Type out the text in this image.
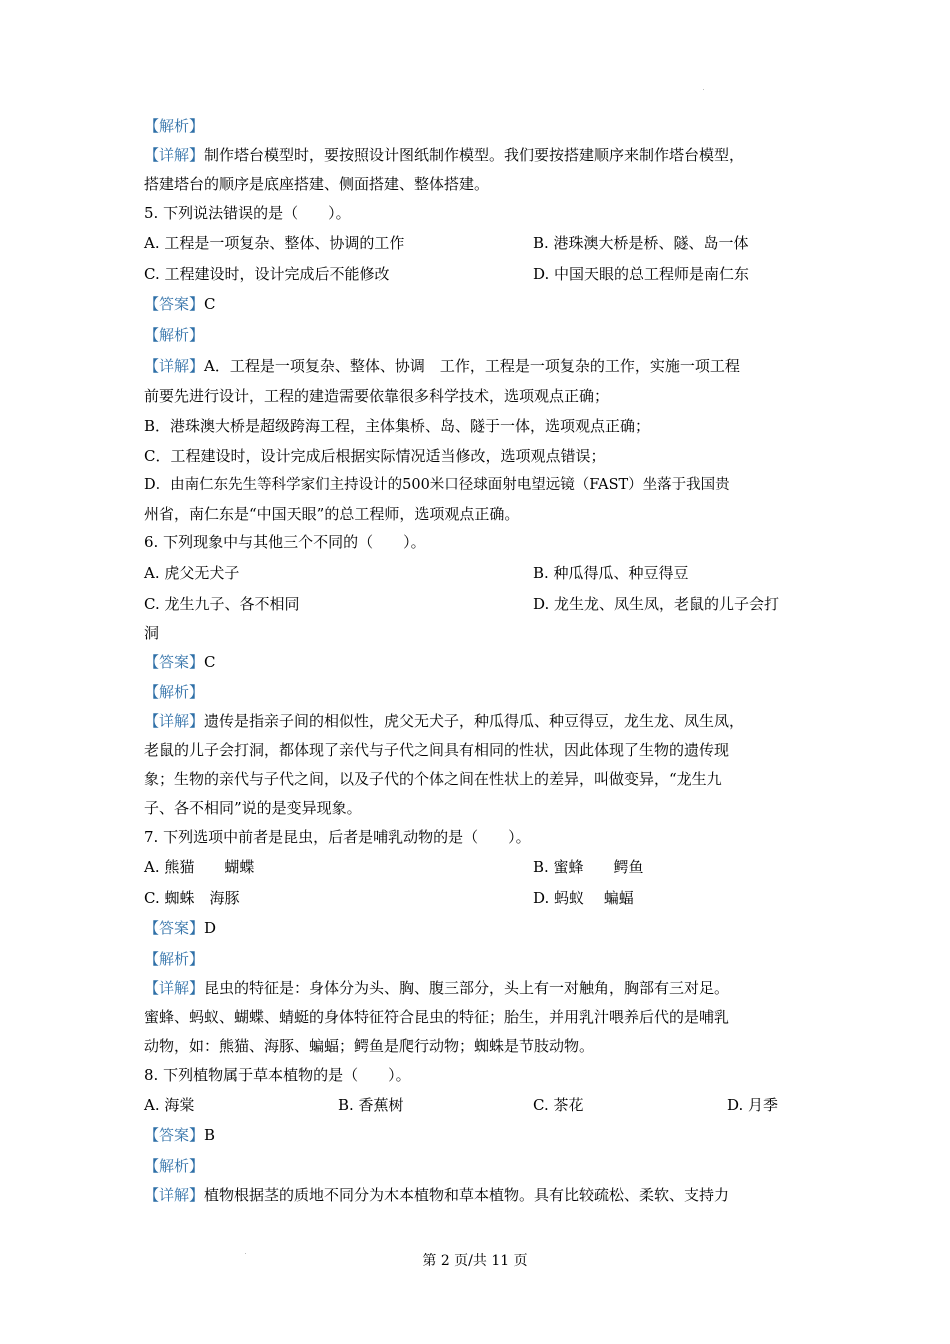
【解析】
【详解】制作塔台模型时，要按照设计图纸制作模型。我们要按搭建顺序来制作塔台模型，
搭建塔台的顺序是底座搭建、侧面搭建、整体搭建。
5. 下列说法错误的是（　　）。
A. 工程是一项复杂、整体、协调的工作	B. 港珠澳大桥是桥、隧、岛一体
C. 工程建设时，设计完成后不能修改	D. 中国天眼的总工程师是南仁东
【答案】C
【解析】
【详解】A．工程是一项复杂、整体、协调　工作，工程是一项复杂的工作，实施一项工程
前要先进行设计，工程的建造需要依靠很多科学技术，选项观点正确；
B．港珠澳大桥是超级跨海工程，主体集桥、岛、隧于一体，选项观点正确；
C．工程建设时，设计完成后根据实际情况适当修改，选项观点错误；
D．由南仁东先生等科学家们主持设计的500米口径球面射电望远镜（FAST）坐落于我国贵
州省，南仁东是“中国天眼”的总工程师，选项观点正确。
6. 下列现象中与其他三个不同的（　　）。
A. 虎父无犬子	B. 种瓜得瓜、种豆得豆
C. 龙生九子、各不相同	D. 龙生龙、凤生凤，老鼠的儿子会打
洞
【答案】C
【解析】
【详解】遗传是指亲子间的相似性，虎父无犬子，种瓜得瓜、种豆得豆，龙生龙、凤生凤，
老鼠的儿子会打洞，都体现了亲代与子代之间具有相同的性状，因此体现了生物的遗传现
象；生物的亲代与子代之间，以及子代的个体之间在性状上的差异，叫做变异，“龙生九
子、各不相同”说的是变异现象。
7. 下列选项中前者是昆虫，后者是哺乳动物的是（　　）。
A. 熊猫　　蝴蝶	B. 蜜蜂　　鳄鱼
C. 蜘蛛　海豚	D. 蚂蚁　 蝙蝠
【答案】D
【解析】
【详解】昆虫的特征是：身体分为头、胸、腹三部分，头上有一对触角，胸部有三对足。
蜜蜂、蚂蚁、蝴蝶、蜻蜓的身体特征符合昆虫的特征；胎生，并用乳汁喂养后代的是哺乳
动物，如：熊猫、海豚、蝙蝠；鳄鱼是爬行动物；蜘蛛是节肢动物。
8. 下列植物属于草本植物的是（　　）。
A. 海棠	B. 香蕉树	C. 茶花	D. 月季
【答案】B
【解析】
【详解】植物根据茎的质地不同分为木本植物和草本植物。具有比较疏松、柔软、支持力
第 2 页/共 11 页
